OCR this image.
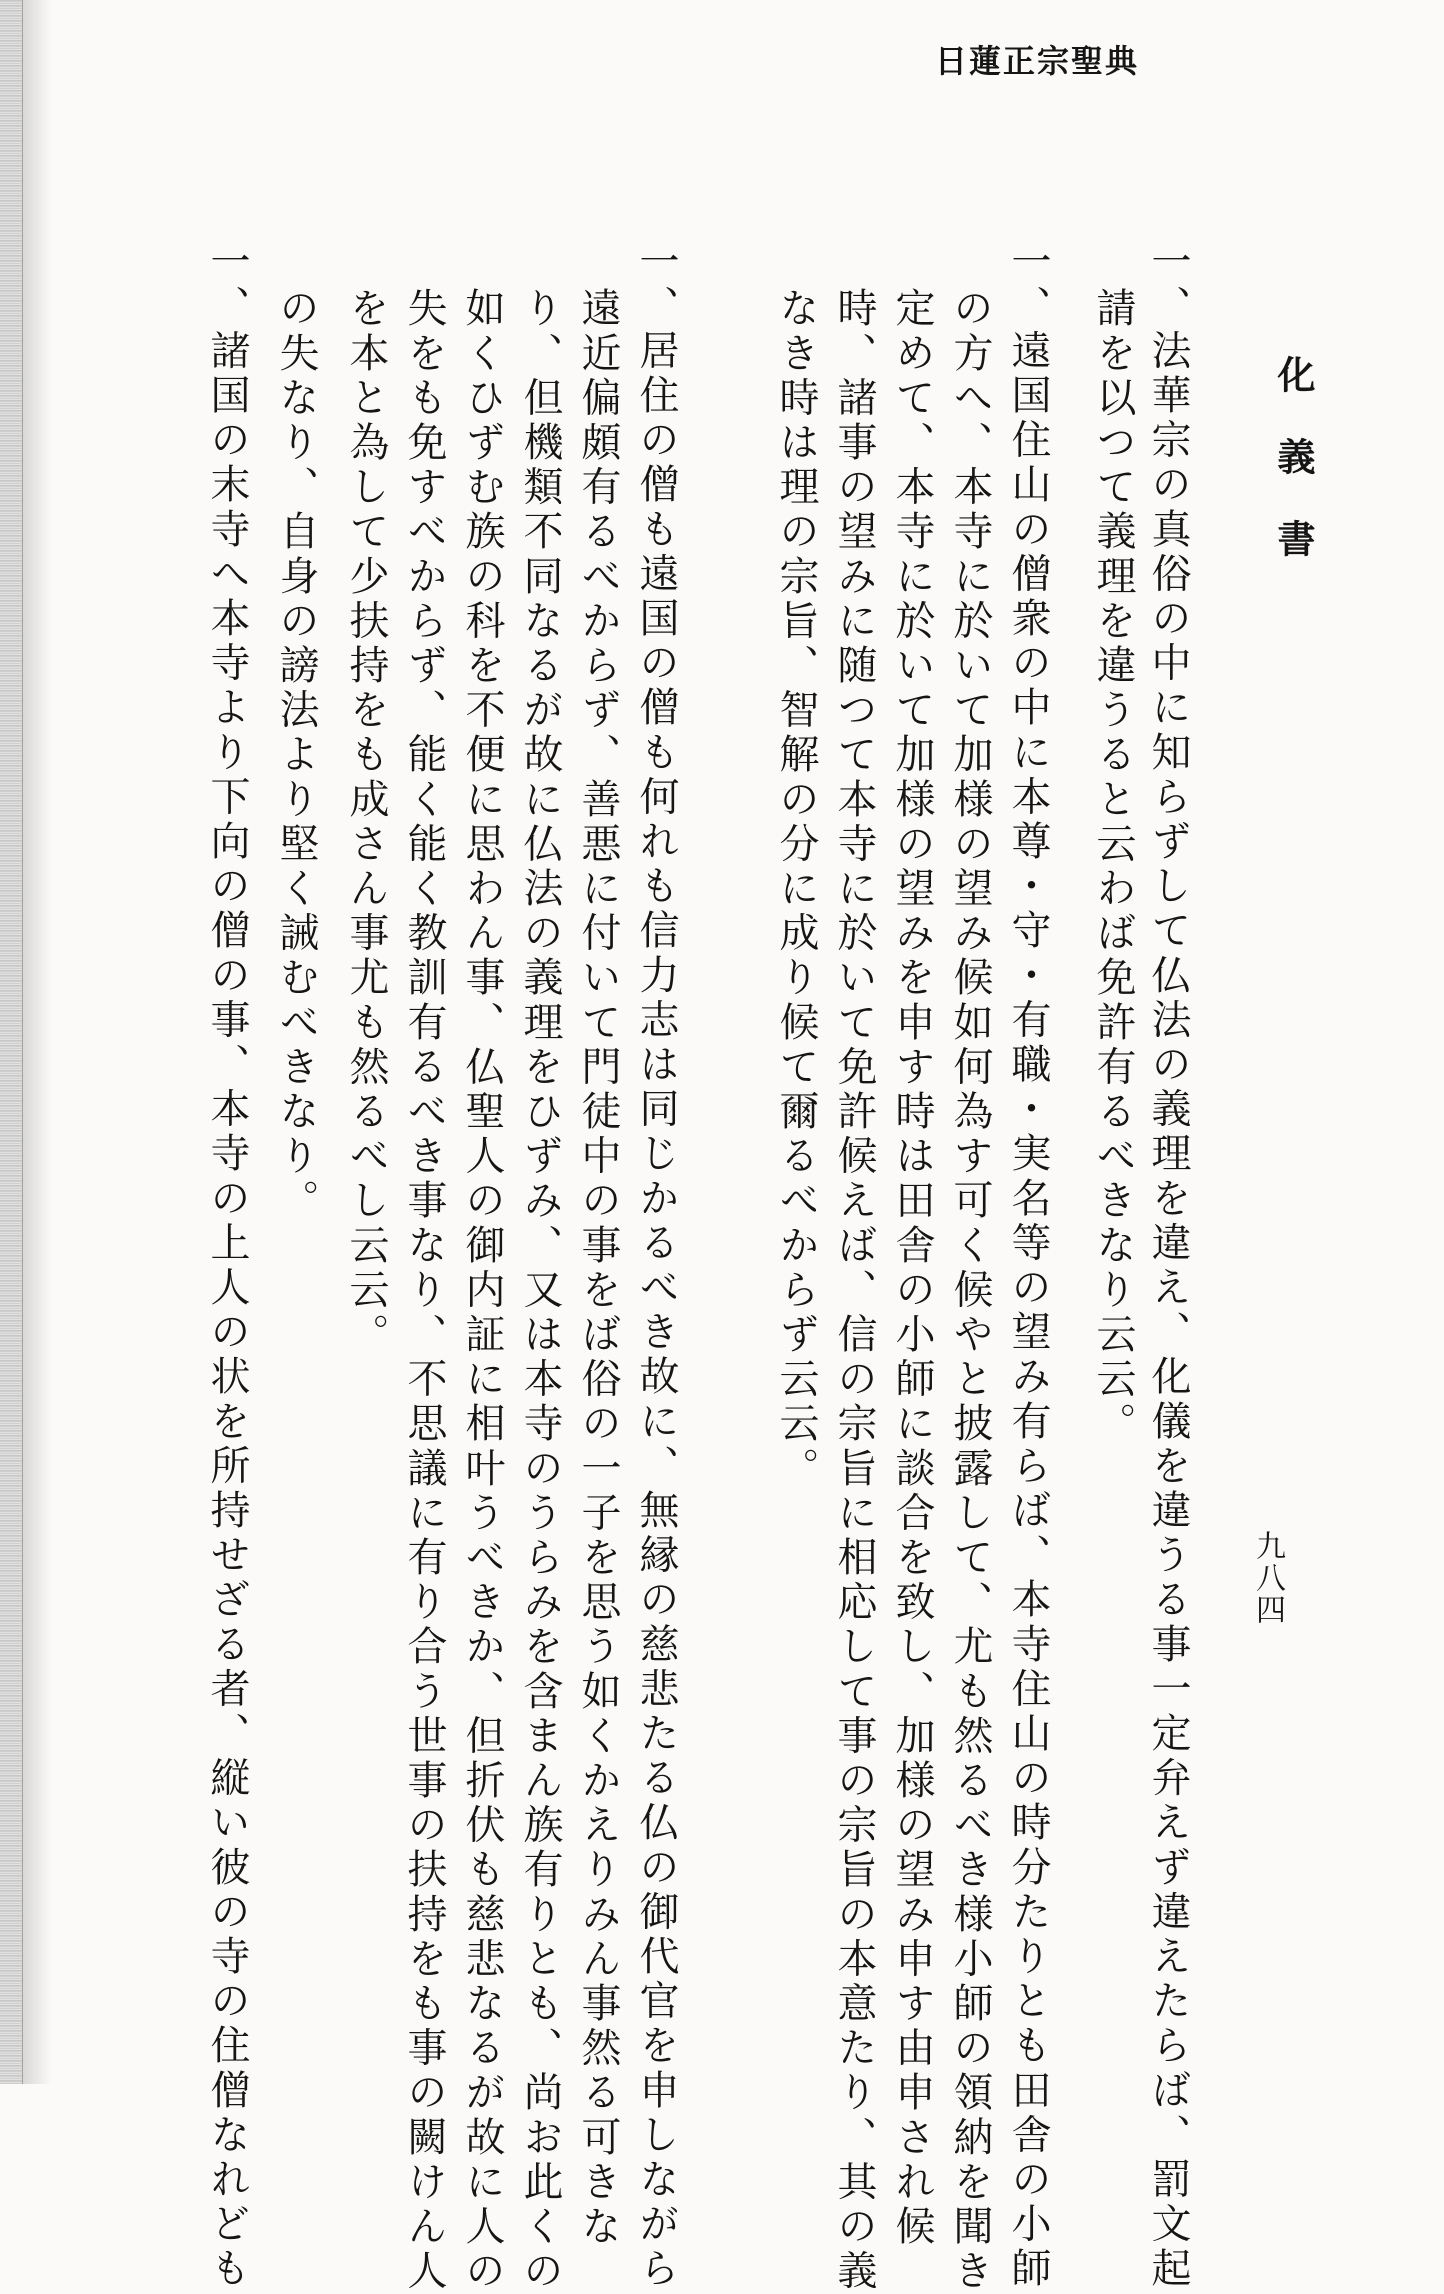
日蓮正宗聖典
九八四
化義書
の失なり、自身の謗法より堅く誡むべきなり。	一、法華宗の真俗の中に知らずして仏法の義理を違え、化儀を違うる事一定弁えず違えたらば、罰文起
請を以つて義理を違うると云わば免許有るべきなり云云。
一、遠国住山の僧衆の中に本尊・守・有職・実名等の望み有らば、本寺住山の時分たりとも田舎の小師
の方へ、本寺に於いて加様の望み候如何為す可く候やと披露して、尤も然るべき様小師の領納を聞き
定めて、本寺に於いて加様の望みを申す時は田舎の小師に談合を致し、加様の望み申す由申され候
時、諸事の望みに随つて本寺に於いて免許候えば、信の宗旨に相応して事の宗旨の本意たり、其の義
なき時は理の宗旨、智解の分に成り候て爾るべからず云云。
一、居住の僧も遠国の僧も何れも信力志は同じかるべき故に、無縁の慈悲たる仏の御代官を申しながら
遠近偏頗有るべからず、善悪に付いて門徒中の事をば俗の一子を思う如くかえりみん事然る可きな
り、但機類不同なるが故に仏法の義理をひずみ、又は本寺のうらみを含まん族有りとも、尚お此くの
如くひずむ族の科を不便に思わん事、仏聖人の御内証に相叶うべきか、但折伏も慈悲なるが故に人の
失をも免すべからず、能く能く教訓有るべき事なり、不思議に有り合う世事の扶持をも事の闕けん人
を本と為して少扶持をも成さん事尤も然るべし云云。
一、諸国の末寺へ本寺より下向の僧の事、本寺の上人の状を所持せざる者、縦い彼の寺の住僧なれども
